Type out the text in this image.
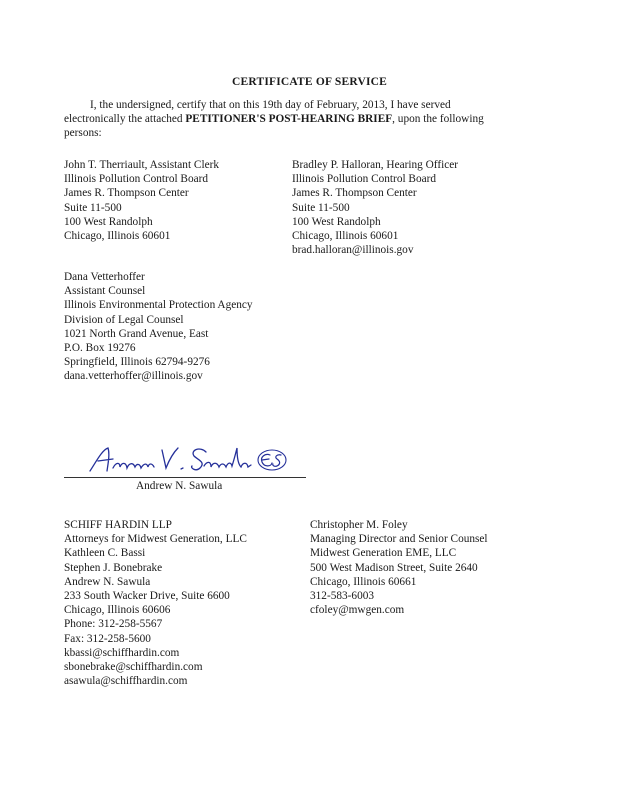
CERTIFICATE OF SERVICE

I, the undersigned, certify that on this 19th day of February, 2013, I have served

electronically the attached PETITIONER'S POST-HEARING BRIEF, upon the following

persons:

John T. Therriault, Assistant Clerk
Illinois Pollution Control Board
James R. Thompson Center
Suite 11-500
100 West Randolph
Chicago, Illinois 60601
Bradley P. Halloran, Hearing Officer
Illinois Pollution Control Board
James R. Thompson Center
Suite 11-500
100 West Randolph
Chicago, Illinois 60601
brad.halloran@illinois.gov
Dana Vetterhoffer
Assistant Counsel
Illinois Environmental Protection Agency
Division of Legal Counsel
1021 North Grand Avenue, East
P.O. Box 19276
Springfield, Illinois 62794-9276
dana.vetterhoffer@illinois.gov
Andrew N. Sawula
Andrew N. Sawula
SCHIFF HARDIN LLP
Attorneys for Midwest Generation, LLC
Kathleen C. Bassi
Stephen J. Bonebrake
Andrew N. Sawula
233 South Wacker Drive, Suite 6600
Chicago, Illinois 60606
Phone: 312-258-5567
Fax: 312-258-5600
kbassi@schiffhardin.com
sbonebrake@schiffhardin.com
asawula@schiffhardin.com
Christopher M. Foley
Managing Director and Senior Counsel
Midwest Generation EME, LLC
500 West Madison Street, Suite 2640
Chicago, Illinois 60661
312-583-6003
cfoley@mwgen.com
